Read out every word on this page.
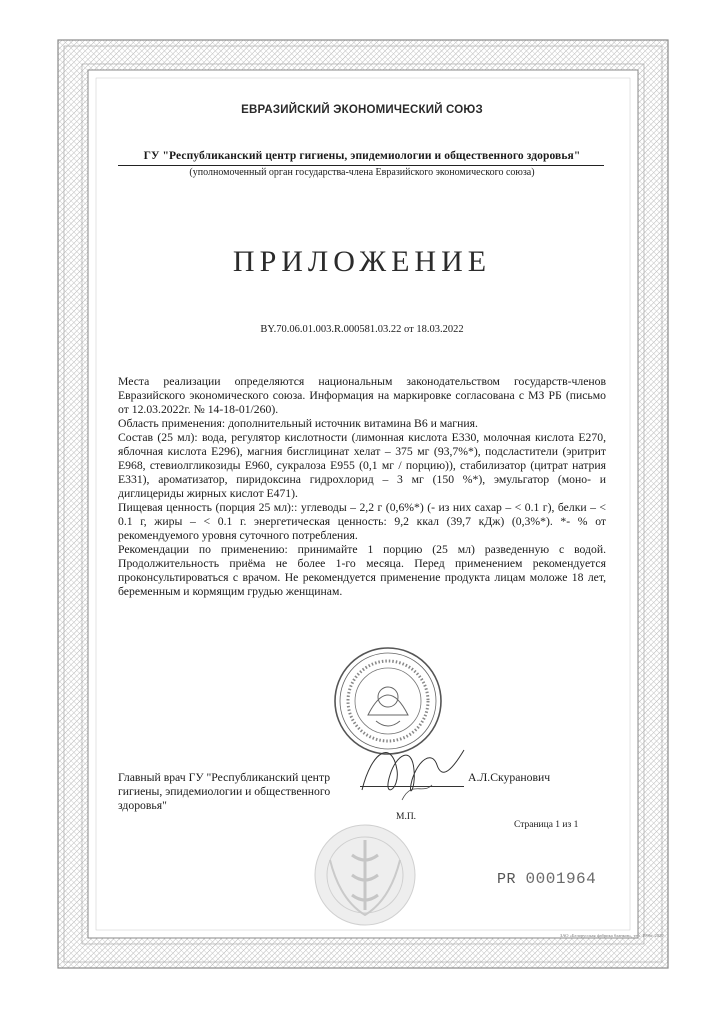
ЕВРАЗИЙСКИЙ ЭКОНОМИЧЕСКИЙ СОЮЗ
ГУ "Республиканский центр гигиены, эпидемиологии и общественного здоровья"
(уполномоченный орган государства-члена Евразийского экономического союза)
ПРИЛОЖЕНИЕ
BY.70.06.01.003.R.000581.03.22 от 18.03.2022

Места реализации определяются национальным законодательством государств-членов Евразийского экономического союза. Информация на маркировке согласована с МЗ РБ (письмо от 12.03.2022г. № 14-18-01/260).

Область применения: дополнительный источник витамина В6 и магния.

Состав (25 мл): вода, регулятор кислотности (лимонная кислота Е330, молочная кислота Е270, яблочная кислота Е296), магния бисглицинат хелат – 375 мг (93,7%*), подсластители (эритрит Е968, стевиолгликозиды Е960, сукралоза Е955 (0,1 мг / порцию)), стабилизатор (цитрат натрия Е331), ароматизатор, пиридоксина гидрохлорид – 3 мг (150 %*), эмульгатор (моно- и диглицериды жирных кислот Е471).

Пищевая ценность (порция 25 мл):: углеводы – 2,2 г (0,6%*) (- из них сахар – < 0.1 г), белки – < 0.1 г, жиры – < 0.1 г. энергетическая ценность: 9,2 ккал (39,7 кДж) (0,3%*). *- % от рекомендуемого уровня суточного потребления.

Рекомендации по применению: принимайте 1 порцию (25 мл) разведенную с водой. Продолжительность приёма не более 1-го месяца. Перед применением рекомендуется проконсультироваться с врачом. Не рекомендуется применение продукта лицам моложе 18 лет, беременным и кормящим грудью женщинам.

Главный врач ГУ "Республиканский центр гигиены, эпидемиологии и общественного здоровья"
А.Л.Скуранович
М.П.
Страница 1 из 1
PR 0001964
ЗАО «Белорусская фабрика бланков», тел. 1996г. 2020
